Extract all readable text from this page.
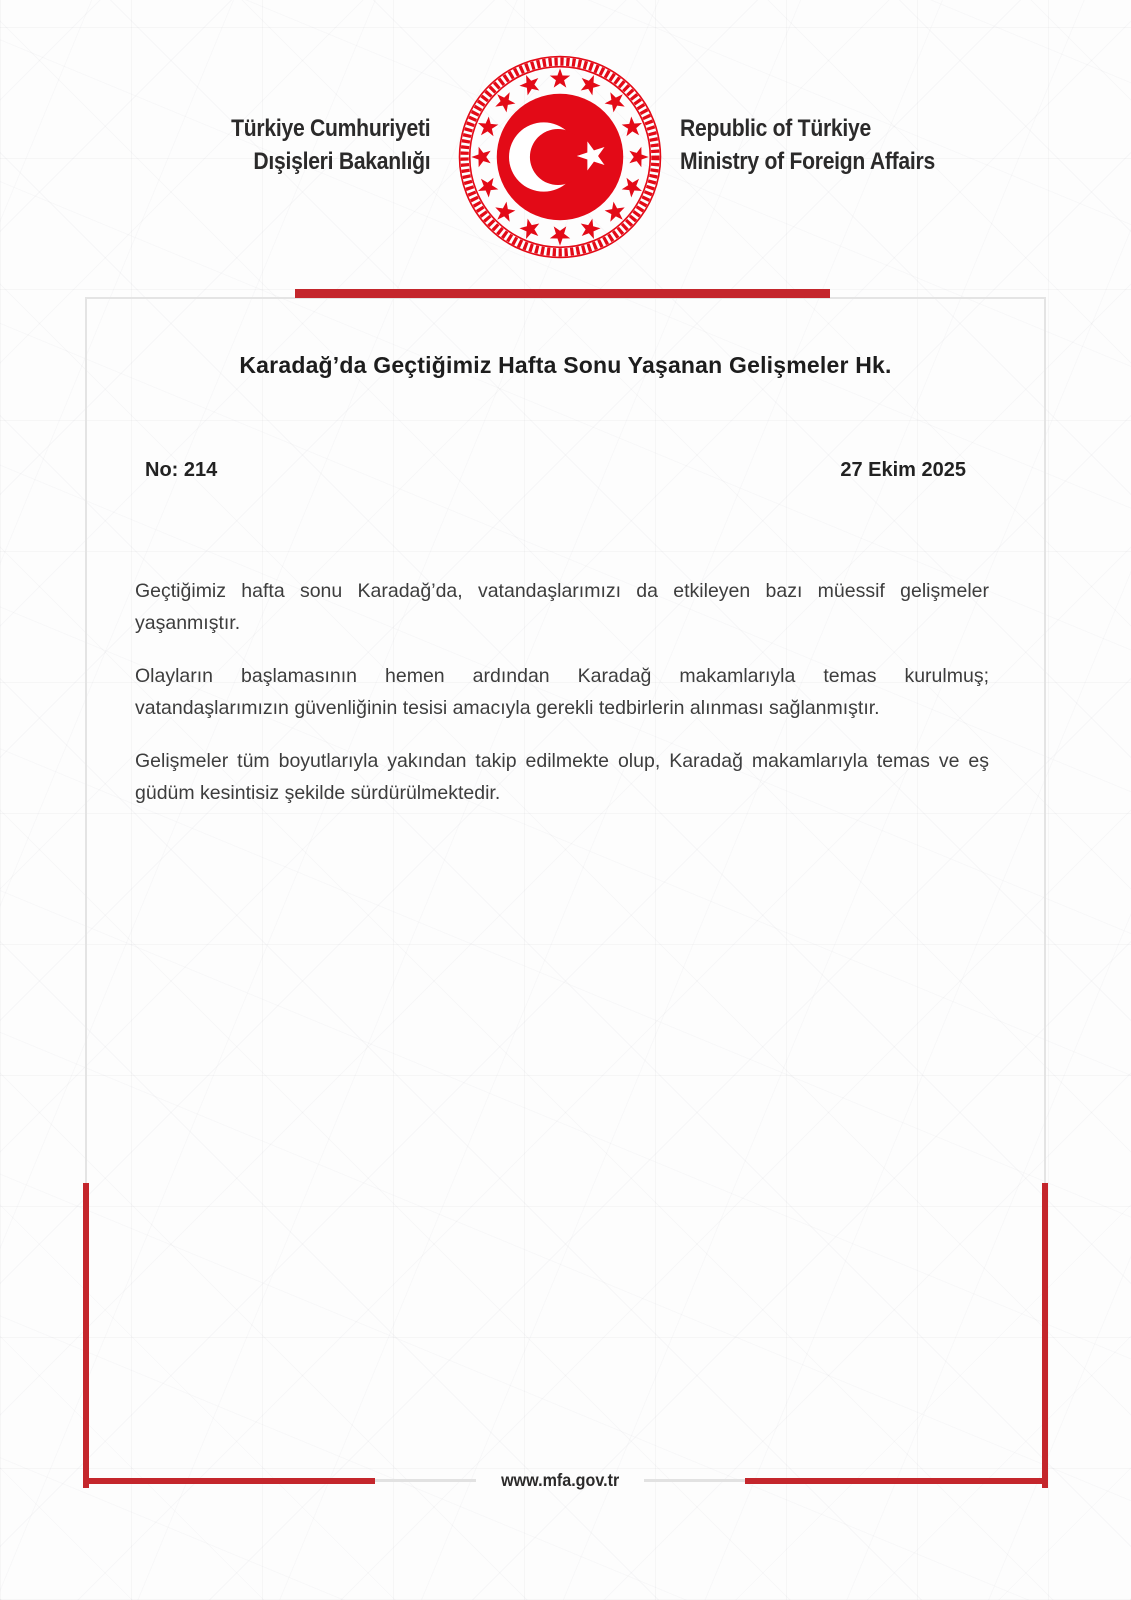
Türkiye Cumhuriyeti
Dışişleri Bakanlığı
Republic of Türkiye
Ministry of Foreign Affairs
Karadağ’da Geçtiğimiz Hafta Sonu Yaşanan Gelişmeler Hk.
No: 214	27 Ekim 2025

Geçtiğimiz hafta sonu Karadağ’da, vatandaşlarımızı da etkileyen bazı müessif gelişmeler yaşanmıştır.

Olayların başlamasının hemen ardından Karadağ makamlarıyla temas kurulmuş; vatandaşlarımızın güvenliğinin tesisi amacıyla gerekli tedbirlerin alınması sağlanmıştır.

Gelişmeler tüm boyutlarıyla yakından takip edilmekte olup, Karadağ makamlarıyla temas ve eş güdüm kesintisiz şekilde sürdürülmektedir.

www.mfa.gov.tr
